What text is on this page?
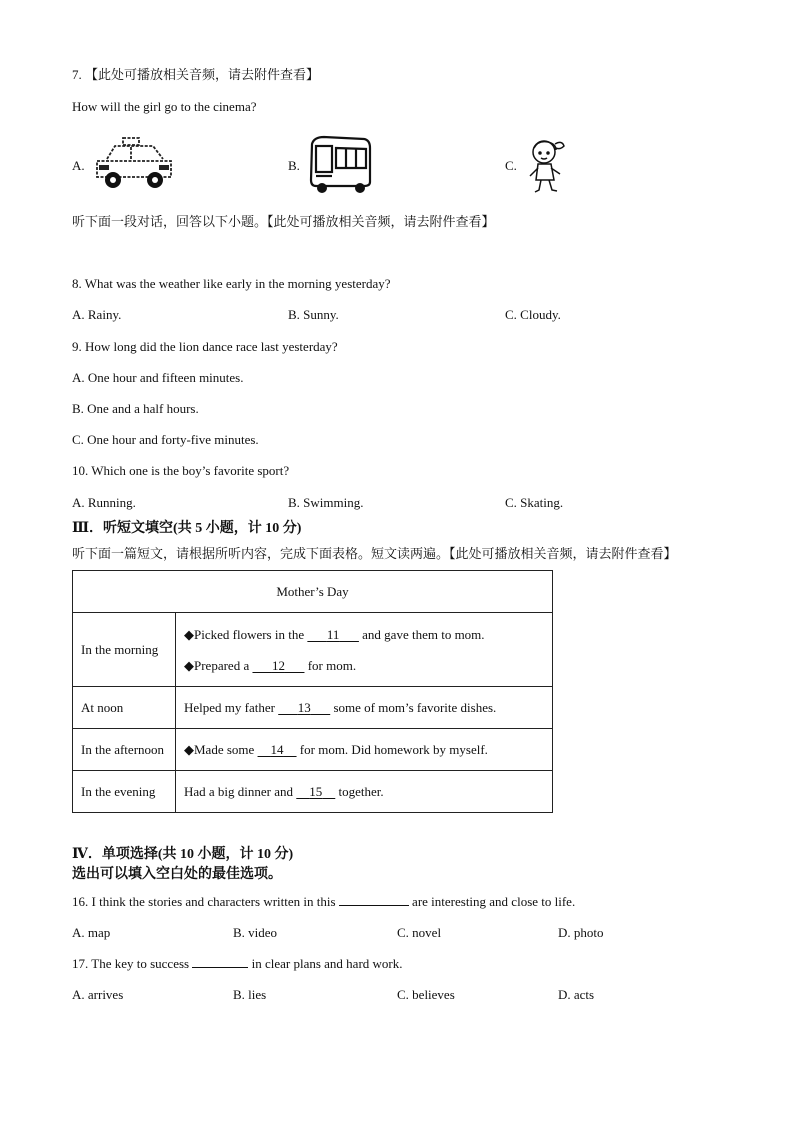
7. 【此处可播放相关音频，请去附件查看】
How will the girl go to the cinema?
A.	B.	C.
听下面一段对话，回答以下小题。【此处可播放相关音频，请去附件查看】
8. What was the weather like early in the morning yesterday?
A. Rainy.	B. Sunny.	C. Cloudy.
9. How long did the lion dance race last yesterday?
A. One hour and fifteen minutes.
B. One and a half hours.
C. One hour and forty-five minutes.
10. Which one is the boy’s favorite sport?
A. Running.	B. Swimming.	C. Skating.
Ⅲ．听短文填空(共 5 小题，计 10 分)
听下面一篇短文，请根据所听内容，完成下面表格。短文读两遍。【此处可播放相关音频，请去附件查看】
Mother’s Day	
In the morning	◆Picked flowers in the   11   and gave them to mom.
◆Prepared a   12   for mom.

At noon	Helped my father   13   some of mom’s favorite dishes.
In the afternoon	◆Made some   14   for mom. Did homework by myself.
In the evening	Had a big dinner and   15   together.
Ⅳ．单项选择(共 10 小题，计 10 分)
选出可以填入空白处的最佳选项。
16. I think the stories and characters written in this	are interesting and close to life.
A. map	B. video	C. novel	D. photo
17. The key to success	in clear plans and hard work.
A. arrives	B. lies	C. believes	D. acts
